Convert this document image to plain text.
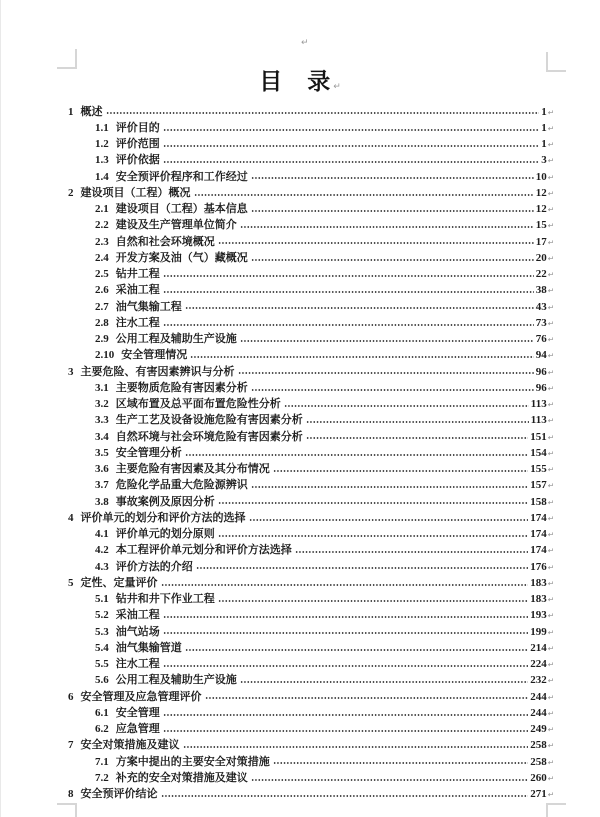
↵
目　录 ↵
1 概述	1 ↵
1.1 评价目的	1 ↵
1.2 评价范围	1 ↵
1.3 评价依据	3 ↵
1.4 安全预评价程序和工作经过	10 ↵
2 建设项目（工程）概况	12 ↵
2.1 建设项目（工程）基本信息	12 ↵
2.2 建设及生产管理单位简介	15 ↵
2.3 自然和社会环境概况	17 ↵
2.4 开发方案及油（气）藏概况	20 ↵
2.5 钻井工程	22 ↵
2.6 采油工程	38 ↵
2.7 油气集输工程	43 ↵
2.8 注水工程	73 ↵
2.9 公用工程及辅助生产设施	76 ↵
2.10 安全管理情况	94 ↵
3 主要危险、有害因素辨识与分析	96 ↵
3.1 主要物质危险有害因素分析	96 ↵
3.2 区域布置及总平面布置危险性分析	113 ↵
3.3 生产工艺及设备设施危险有害因素分析	113 ↵
3.4 自然环境与社会环境危险有害因素分析	151 ↵
3.5 安全管理分析	154 ↵
3.6 主要危险有害因素及其分布情况	155 ↵
3.7 危险化学品重大危险源辨识	157 ↵
3.8 事故案例及原因分析	158 ↵
4 评价单元的划分和评价方法的选择	174 ↵
4.1 评价单元的划分原则	174 ↵
4.2 本工程评价单元划分和评价方法选择	174 ↵
4.3 评价方法的介绍	176 ↵
5 定性、定量评价	183 ↵
5.1 钻井和井下作业工程	183 ↵
5.2 采油工程	193 ↵
5.3 油气站场	199 ↵
5.4 油气集输管道	214 ↵
5.5 注水工程	224 ↵
5.6 公用工程及辅助生产设施	232 ↵
6 安全管理及应急管理评价	244 ↵
6.1 安全管理	244 ↵
6.2 应急管理	249 ↵
7 安全对策措施及建议	258 ↵
7.1 方案中提出的主要安全对策措施	258 ↵
7.2 补充的安全对策措施及建议	260 ↵
8 安全预评价结论	271 ↵
